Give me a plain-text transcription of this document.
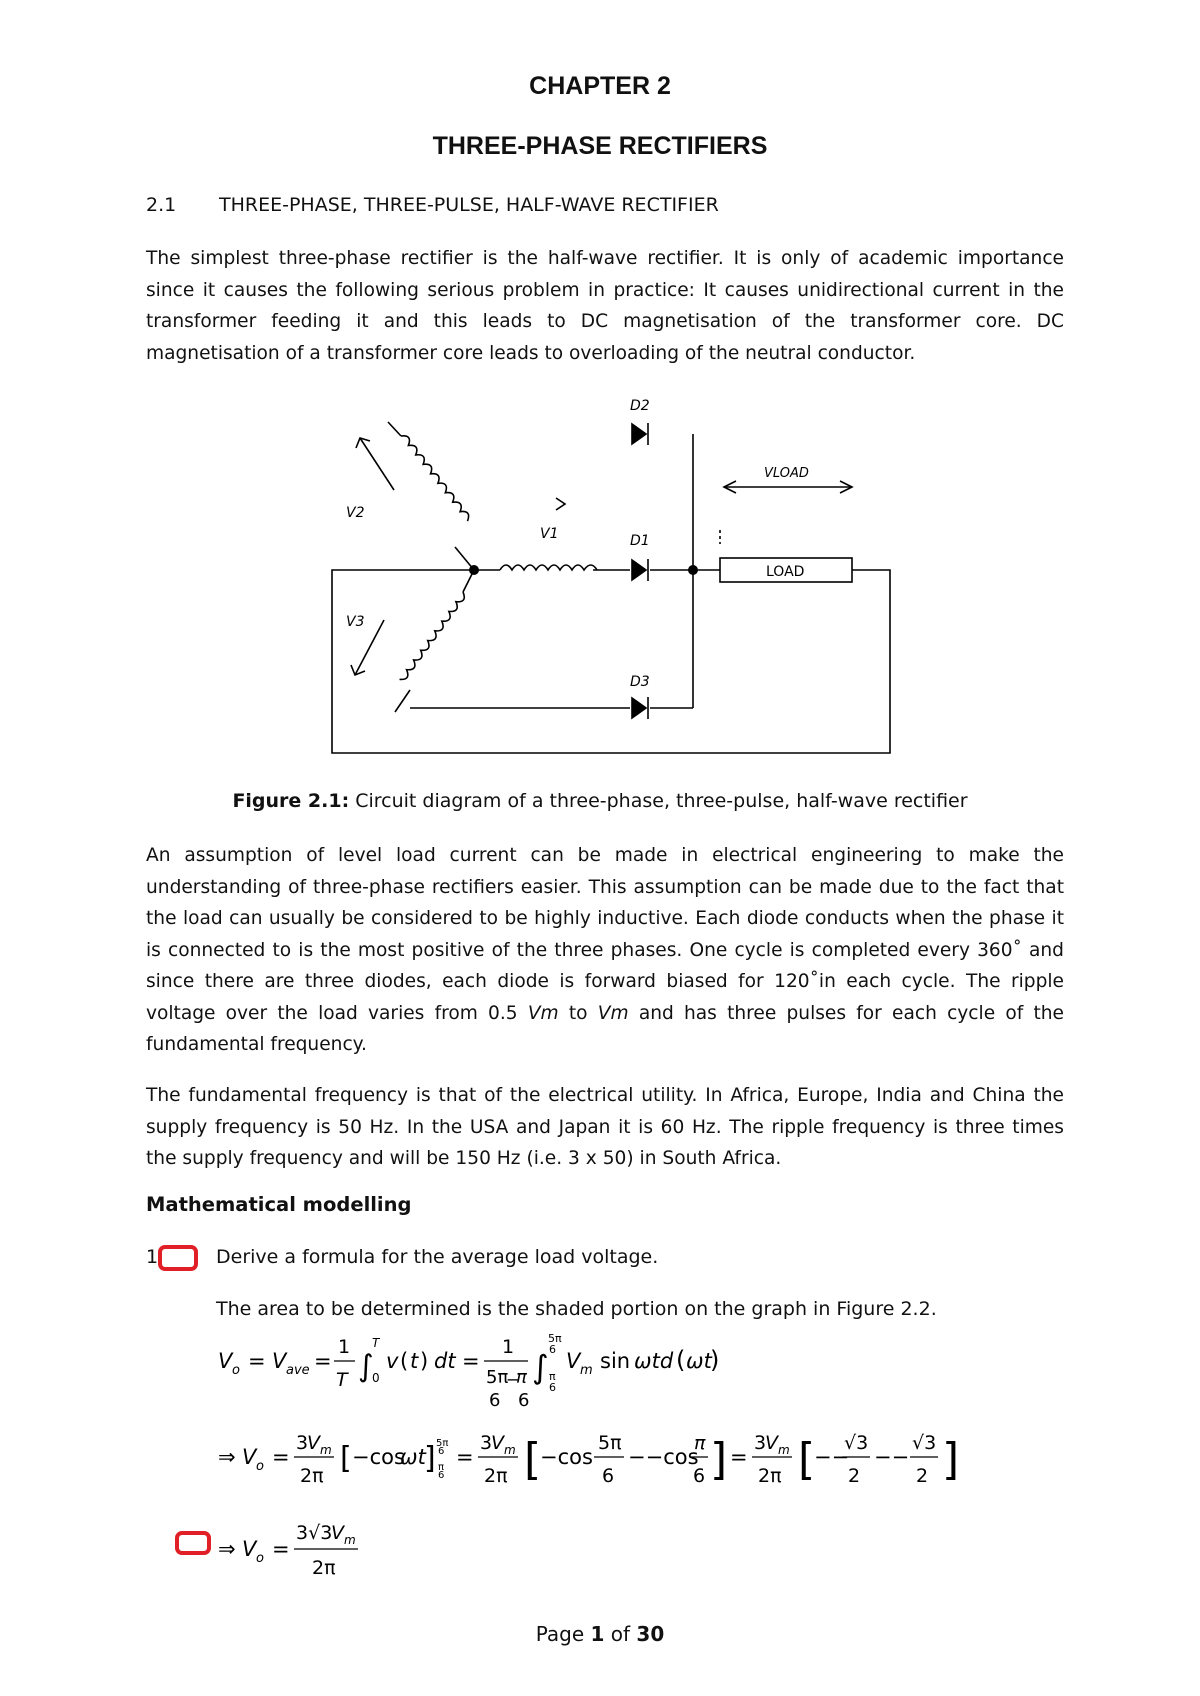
CHAPTER 2
THREE-PHASE RECTIFIERS
2.1 THREE-PHASE, THREE-PULSE, HALF-WAVE RECTIFIER
The simplest three-phase rectifier is the half-wave rectifier. It is only of academic importance since it causes the following serious problem in practice: It causes unidirectional current in the transformer feeding it and this leads to DC magnetisation of the transformer core. DC magnetisation of a transformer core leads to overloading of the neutral conductor.
D2
D1
D3
V1
V2
V3
VLOAD
LOAD
Figure 2.1: Circuit diagram of a three-phase, three-pulse, half-wave rectifier
An assumption of level load current can be made in electrical engineering to make the understanding of three-phase rectifiers easier. This assumption can be made due to the fact that the load can usually be considered to be highly inductive. Each diode conducts when the phase it is connected to is the most positive of the three phases. One cycle is completed every 360˚ and since there are three diodes, each diode is forward biased for 120˚in each cycle. The ripple voltage over the load varies from 0.5 Vm to Vm and has three pulses for each cycle of the fundamental frequency.
The fundamental frequency is that of the electrical utility. In Africa, Europe, India and China the supply frequency is 50 Hz. In the USA and Japan it is 60 Hz. The ripple frequency is three times the supply frequency and will be 150 Hz (i.e. 3 x 50) in South Africa.
Mathematical modelling
1	Derive a formula for the average load voltage.
The area to be determined is the shaded portion on the graph in Figure 2.2.
V o = V ave =
1
T ∫
T
0
v ( t ) dt =
1
5π
−
π
6 6
∫
5π
6
π
6
V m sin ωtd ( ωt
)
⇒ V o =
3
V m
2π [ −cos
ωt
] 5π
6
π
6
=
3
V m
2π [
−cos
5π
6
−−cos
π
6 ] =
3
V m
2π [
−−
√3
2
−−
√3
2 ]
⇒ V o =
3√3
V m
2π
Page 1 of 30
